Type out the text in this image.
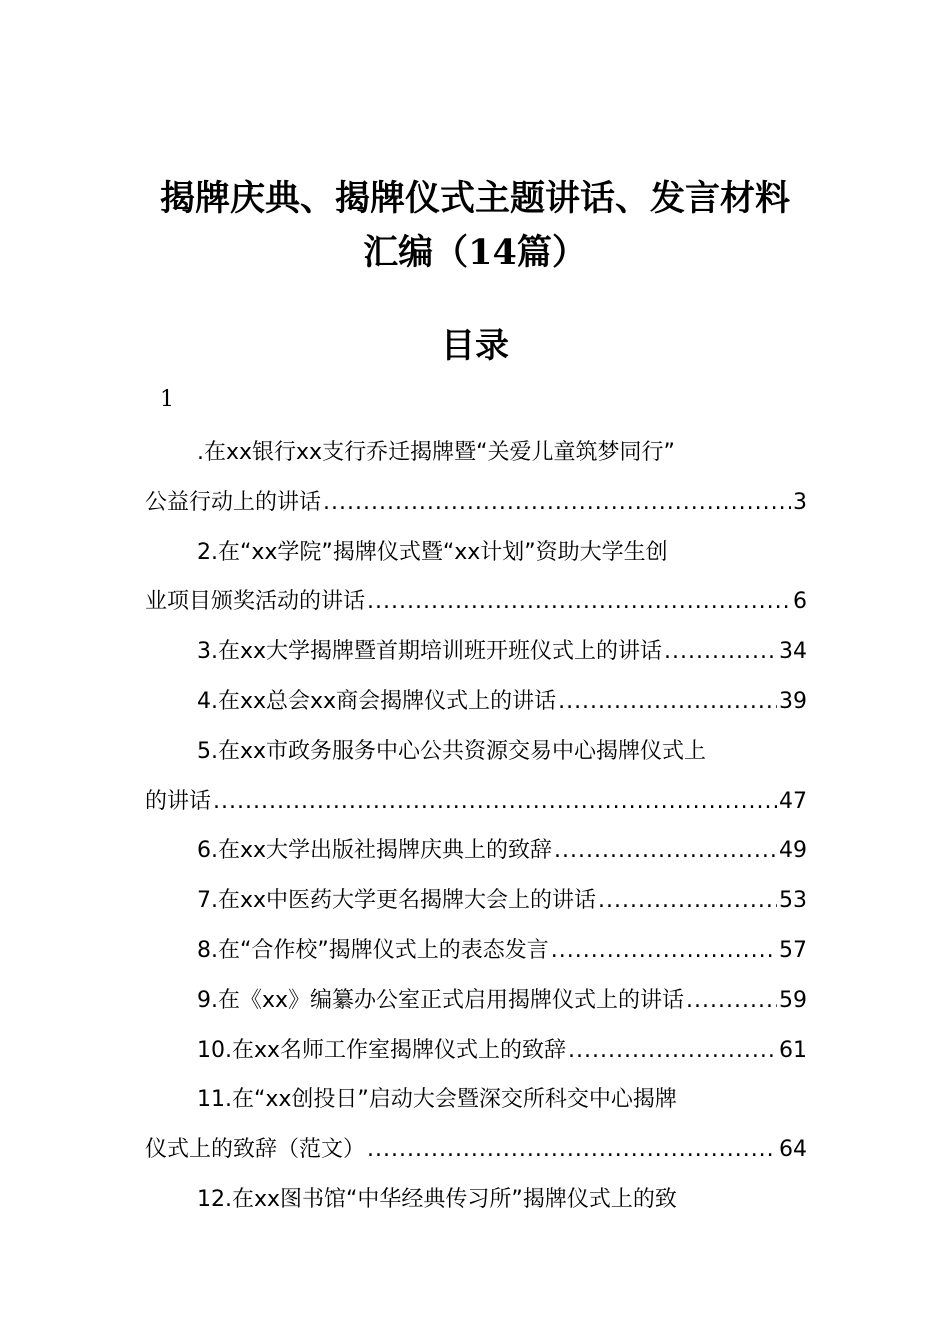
揭牌庆典、揭牌仪式主题讲话、发言材料
汇编（14篇）
目录
1
.在xx银行xx支行乔迁揭牌暨“关爱儿童筑梦同行”
公益行动上的讲话 .....	3
2.在“xx学院”揭牌仪式暨“xx计划”资助大学生创
业项目颁奖活动的讲话 .....	6
3.在xx大学揭牌暨首期培训班开班仪式上的讲话 .....	34
4.在xx总会xx商会揭牌仪式上的讲话 .....	39
5.在xx市政务服务中心公共资源交易中心揭牌仪式上
的讲话 .....	47
6.在xx大学出版社揭牌庆典上的致辞 .....	49
7.在xx中医药大学更名揭牌大会上的讲话 .....	53
8.在“合作校”揭牌仪式上的表态发言 .....	57
9.在《xx》编纂办公室正式启用揭牌仪式上的讲话 .....	59
10.在xx名师工作室揭牌仪式上的致辞 .....	61
11.在“xx创投日”启动大会暨深交所科交中心揭牌
仪式上的致辞（范文） .....	64
12.在xx图书馆“中华经典传习所”揭牌仪式上的致
